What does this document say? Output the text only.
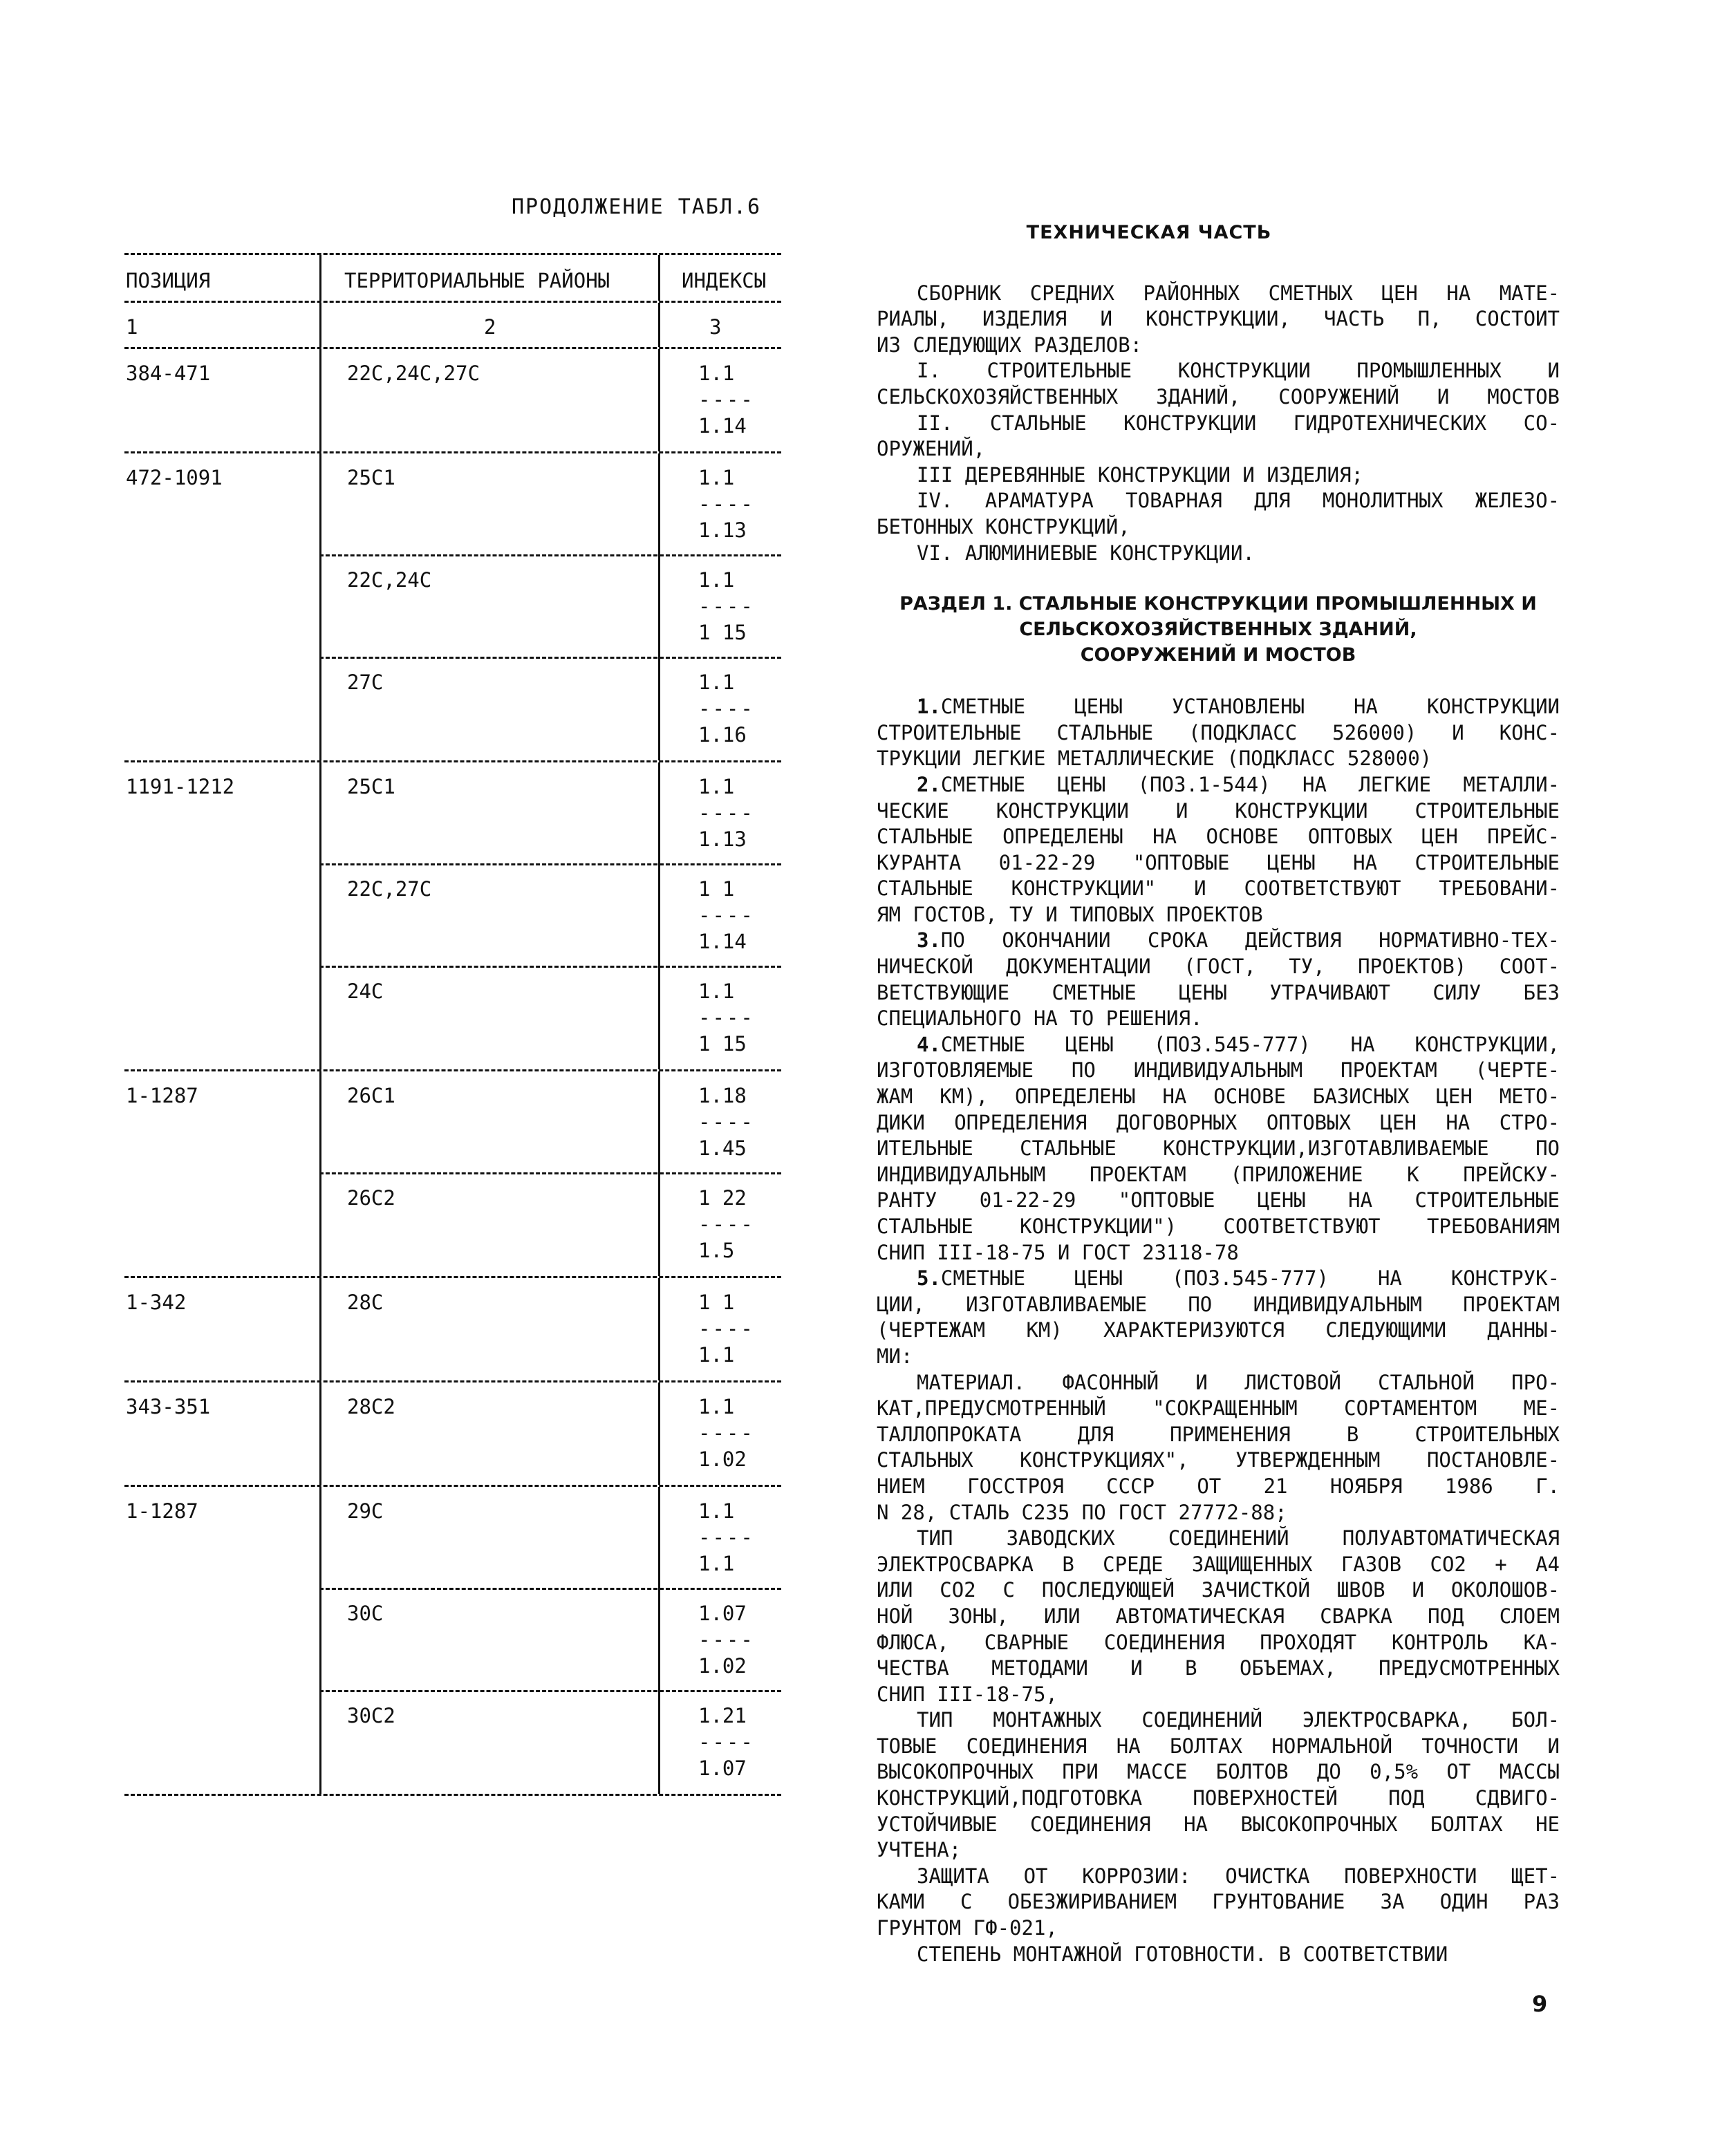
ПРОДОЛЖЕНИЕ ТАБЛ.6
ПОЗИЦИЯ	ТЕРРИТОРИАЛЬНЫЕ РАЙОНЫ	ИНДЕКСЫ
1	2	3
384-471	22С,24С,27С	1.1
----
1.14
472-1091	25С1	1.1
----
1.13
22С,24С	1.1
----
1 15
27С	1.1
----
1.16
1191-1212	25С1	1.1
----
1.13
22С,27С	1 1
----
1.14
24С	1.1
----
1 15
1-1287	26С1	1.18
----
1.45
26С2	1 22
----
1.5
1-342	28С	1 1
----
1.1
343-351	28С2	1.1
----
1.02
1-1287	29С	1.1
----
1.1
30С	1.07
----
1.02
30С2	1.21
----
1.07
ТЕХНИЧЕСКАЯ ЧАСТЬ
СБОРНИК СРЕДНИХ РАЙОННЫХ СМЕТНЫХ ЦЕН НА МАТЕ-
РИАЛЫ, ИЗДЕЛИЯ И КОНСТРУКЦИИ, ЧАСТЬ П, СОСТОИТ
ИЗ СЛЕДУЮЩИХ РАЗДЕЛОВ:
I. СТРОИТЕЛЬНЫЕ КОНСТРУКЦИИ ПРОМЫШЛЕННЫХ И
СЕЛЬСКОХОЗЯЙСТВЕННЫХ ЗДАНИЙ, СООРУЖЕНИЙ И МОСТОВ
II. СТАЛЬНЫЕ КОНСТРУКЦИИ ГИДРОТЕХНИЧЕСКИХ СО-
ОРУЖЕНИЙ,
III ДЕРЕВЯННЫЕ КОНСТРУКЦИИ И ИЗДЕЛИЯ;
IV. АРАМАТУРА ТОВАРНАЯ ДЛЯ МОНОЛИТНЫХ ЖЕЛЕЗО-
БЕТОННЫХ КОНСТРУКЦИЙ,
VI. АЛЮМИНИЕВЫЕ КОНСТРУКЦИИ.
РАЗДЕЛ 1. СТАЛЬНЫЕ КОНСТРУКЦИИ ПРОМЫШЛЕННЫХ И
СЕЛЬСКОХОЗЯЙСТВЕННЫХ ЗДАНИЙ,
СООРУЖЕНИЙ И МОСТОВ
1.СМЕТНЫЕ ЦЕНЫ УСТАНОВЛЕНЫ НА КОНСТРУКЦИИ
СТРОИТЕЛЬНЫЕ СТАЛЬНЫЕ (ПОДКЛАСС 526000) И КОНС-
ТРУКЦИИ ЛЕГКИЕ МЕТАЛЛИЧЕСКИЕ (ПОДКЛАСС 528000)
2.СМЕТНЫЕ ЦЕНЫ (ПОЗ.1-544) НА ЛЕГКИЕ МЕТАЛЛИ-
ЧЕСКИЕ КОНСТРУКЦИИ И КОНСТРУКЦИИ СТРОИТЕЛЬНЫЕ
СТАЛЬНЫЕ ОПРЕДЕЛЕНЫ НА ОСНОВЕ ОПТОВЫХ ЦЕН ПРЕЙС-
КУРАНТА 01-22-29 "ОПТОВЫЕ ЦЕНЫ НА СТРОИТЕЛЬНЫЕ
СТАЛЬНЫЕ КОНСТРУКЦИИ" И СООТВЕТСТВУЮТ ТРЕБОВАНИ-
ЯМ ГОСТОВ, ТУ И ТИПОВЫХ ПРОЕКТОВ
3.ПО ОКОНЧАНИИ СРОКА ДЕЙСТВИЯ НОРМАТИВНО-ТЕХ-
НИЧЕСКОЙ ДОКУМЕНТАЦИИ (ГОСТ, ТУ, ПРОЕКТОВ) СООТ-
ВЕТСТВУЮЩИЕ СМЕТНЫЕ ЦЕНЫ УТРАЧИВАЮТ СИЛУ БЕЗ
СПЕЦИАЛЬНОГО НА ТО РЕШЕНИЯ.
4.СМЕТНЫЕ ЦЕНЫ (ПОЗ.545-777) НА КОНСТРУКЦИИ,
ИЗГОТОВЛЯЕМЫЕ ПО ИНДИВИДУАЛЬНЫМ ПРОЕКТАМ (ЧЕРТЕ-
ЖАМ КМ), ОПРЕДЕЛЕНЫ НА ОСНОВЕ БАЗИСНЫХ ЦЕН МЕТО-
ДИКИ ОПРЕДЕЛЕНИЯ ДОГОВОРНЫХ ОПТОВЫХ ЦЕН НА СТРО-
ИТЕЛЬНЫЕ СТАЛЬНЫЕ КОНСТРУКЦИИ,ИЗГОТАВЛИВАЕМЫЕ ПО
ИНДИВИДУАЛЬНЫМ ПРОЕКТАМ (ПРИЛОЖЕНИЕ К ПРЕЙСКУ-
РАНТУ 01-22-29 "ОПТОВЫЕ ЦЕНЫ НА СТРОИТЕЛЬНЫЕ
СТАЛЬНЫЕ КОНСТРУКЦИИ") СООТВЕТСТВУЮТ ТРЕБОВАНИЯМ
СНИП III-18-75 И ГОСТ 23118-78
5.СМЕТНЫЕ ЦЕНЫ (ПОЗ.545-777) НА КОНСТРУК-
ЦИИ, ИЗГОТАВЛИВАЕМЫЕ ПО ИНДИВИДУАЛЬНЫМ ПРОЕКТАМ
(ЧЕРТЕЖАМ КМ) ХАРАКТЕРИЗУЮТСЯ СЛЕДУЮЩИМИ ДАННЫ-
МИ:
МАТЕРИАЛ. ФАСОННЫЙ И ЛИСТОВОЙ СТАЛЬНОЙ ПРО-
КАТ,ПРЕДУСМОТРЕННЫЙ "СОКРАЩЕННЫМ СОРТАМЕНТОМ МЕ-
ТАЛЛОПРОКАТА ДЛЯ ПРИМЕНЕНИЯ В СТРОИТЕЛЬНЫХ
СТАЛЬНЫХ КОНСТРУКЦИЯХ", УТВЕРЖДЕННЫМ ПОСТАНОВЛЕ-
НИЕМ ГОССТРОЯ СССР ОТ 21 НОЯБРЯ 1986 Г.
N 28, СТАЛЬ С235 ПО ГОСТ 27772-88;
ТИП ЗАВОДСКИХ СОЕДИНЕНИЙ ПОЛУАВТОМАТИЧЕСКАЯ
ЭЛЕКТРОСВАРКА В СРЕДЕ ЗАЩИЩЕННЫХ ГАЗОВ СО2 + А4
ИЛИ СО2 С ПОСЛЕДУЮЩЕЙ ЗАЧИСТКОЙ ШВОВ И ОКОЛОШОВ-
НОЙ ЗОНЫ, ИЛИ АВТОМАТИЧЕСКАЯ СВАРКА ПОД СЛОЕМ
ФЛЮСА, СВАРНЫЕ СОЕДИНЕНИЯ ПРОХОДЯТ КОНТРОЛЬ КА-
ЧЕСТВА МЕТОДАМИ И В ОБЪЕМАХ, ПРЕДУСМОТРЕННЫХ
СНИП III-18-75,
ТИП МОНТАЖНЫХ СОЕДИНЕНИЙ ЭЛЕКТРОСВАРКА, БОЛ-
ТОВЫЕ СОЕДИНЕНИЯ НА БОЛТАХ НОРМАЛЬНОЙ ТОЧНОСТИ И
ВЫСОКОПРОЧНЫХ ПРИ МАССЕ БОЛТОВ ДО 0,5% ОТ МАССЫ
КОНСТРУКЦИЙ,ПОДГОТОВКА ПОВЕРХНОСТЕЙ ПОД СДВИГО-
УСТОЙЧИВЫЕ СОЕДИНЕНИЯ НА ВЫСОКОПРОЧНЫХ БОЛТАХ НЕ
УЧТЕНА;
ЗАЩИТА ОТ КОРРОЗИИ: ОЧИСТКА ПОВЕРХНОСТИ ЩЕТ-
КАМИ С ОБЕЗЖИРИВАНИЕМ ГРУНТОВАНИЕ ЗА ОДИН РАЗ
ГРУНТОМ ГФ-021,
СТЕПЕНЬ МОНТАЖНОЙ ГОТОВНОСТИ. В СООТВЕТСТВИИ
9
